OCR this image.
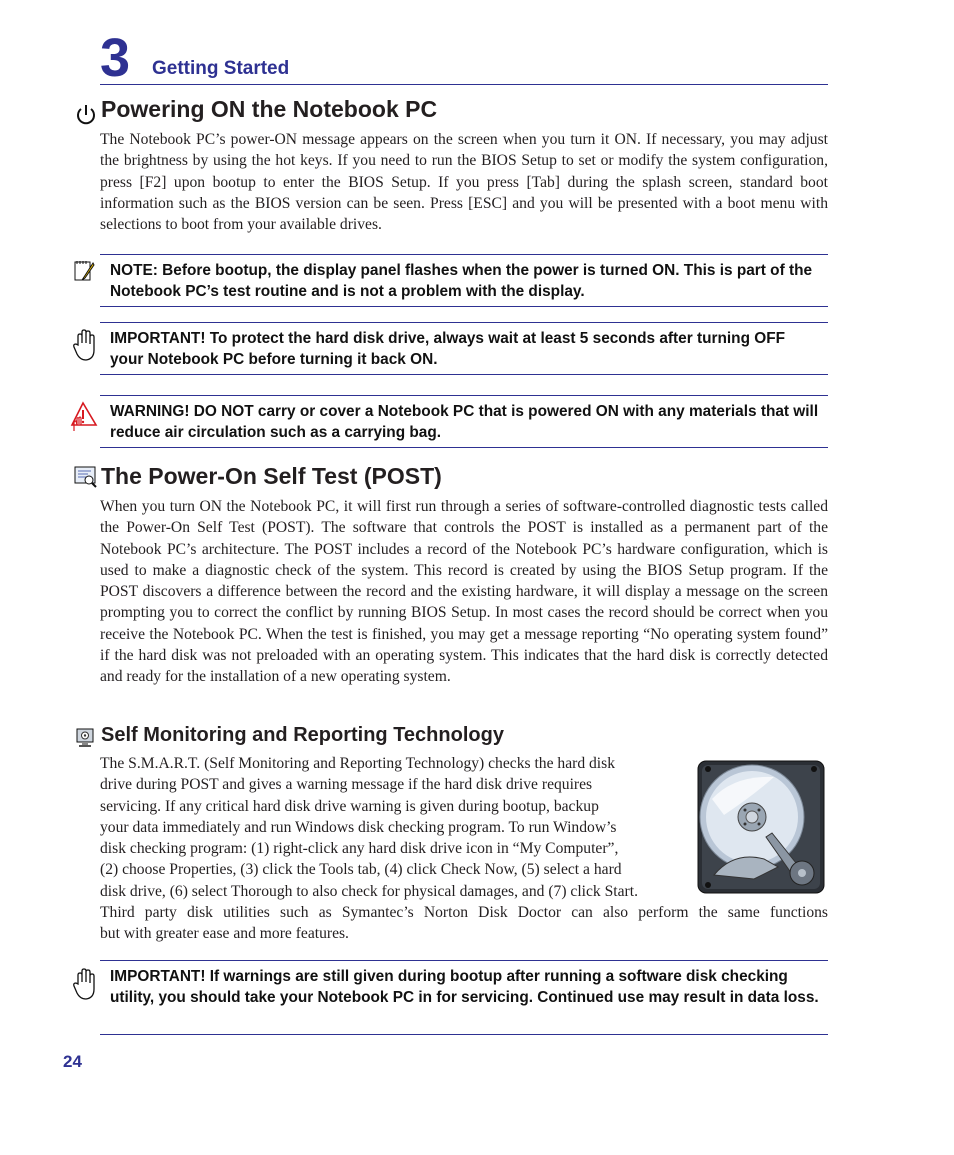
3 Getting Started
Powering ON the Notebook PC

The Notebook PC’s power-ON message appears on the screen when you turn it ON. If necessary, you may adjust the brightness by using the hot keys. If you need to run the BIOS Setup to set or modify the system configuration, press [F2] upon bootup to enter the BIOS Setup. If you press [Tab] during the splash screen, standard boot information such as the BIOS version can be seen. Press [ESC] and you will be presented with a boot menu with selections to boot from your available drives.

NOTE: Before bootup, the display panel flashes when the power is turned ON. This is part of the Notebook PC’s test routine and is not a problem with the display.

IMPORTANT! To protect the hard disk drive, always wait at least 5 seconds after turning OFF your Notebook PC before turning it back ON.

WARNING! DO NOT carry or cover a Notebook PC that is powered ON with any materials that will reduce air circulation such as a carrying bag.

The Power-On Self Test (POST)

When you turn ON the Notebook PC, it will first run through a series of software-controlled diagnostic tests called the Power-On Self Test (POST). The software that controls the POST is installed as a permanent part of the Notebook PC’s architecture. The POST includes a record of the Notebook PC’s hardware configuration, which is used to make a diagnostic check of the system. This record is created by using the BIOS Setup program. If the POST discovers a difference between the record and the existing hardware, it will display a message on the screen prompting you to correct the conflict by running BIOS Setup. In most cases the record should be correct when you receive the Notebook PC. When the test is finished, you may get a message reporting “No operating system found” if the hard disk was not preloaded with an operating system. This indicates that the hard disk is correctly detected and ready for the installation of a new operating system.

Self Monitoring and Reporting Technology
The S.M.A.R.T. (Self Monitoring and Reporting Technology) checks the hard disk
drive during POST and gives a warning message if the hard disk drive requires
servicing. If any critical hard disk drive warning is given during bootup, backup
your data immediately and run Windows disk checking program. To run Window’s
disk checking program: (1) right-click any hard disk drive icon in “My Computer”,
(2) choose Properties, (3) click the Tools tab, (4) click Check Now, (5) select a hard
disk drive, (6) select Thorough to also check for physical damages, and (7) click Start.
Third party disk utilities such as Symantec’s Norton Disk Doctor can also perform the same functions
but with greater ease and more features.

IMPORTANT! If warnings are still given during bootup after running a software disk checking utility, you should take your Notebook PC in for servicing. Continued use may result in data loss.

24
